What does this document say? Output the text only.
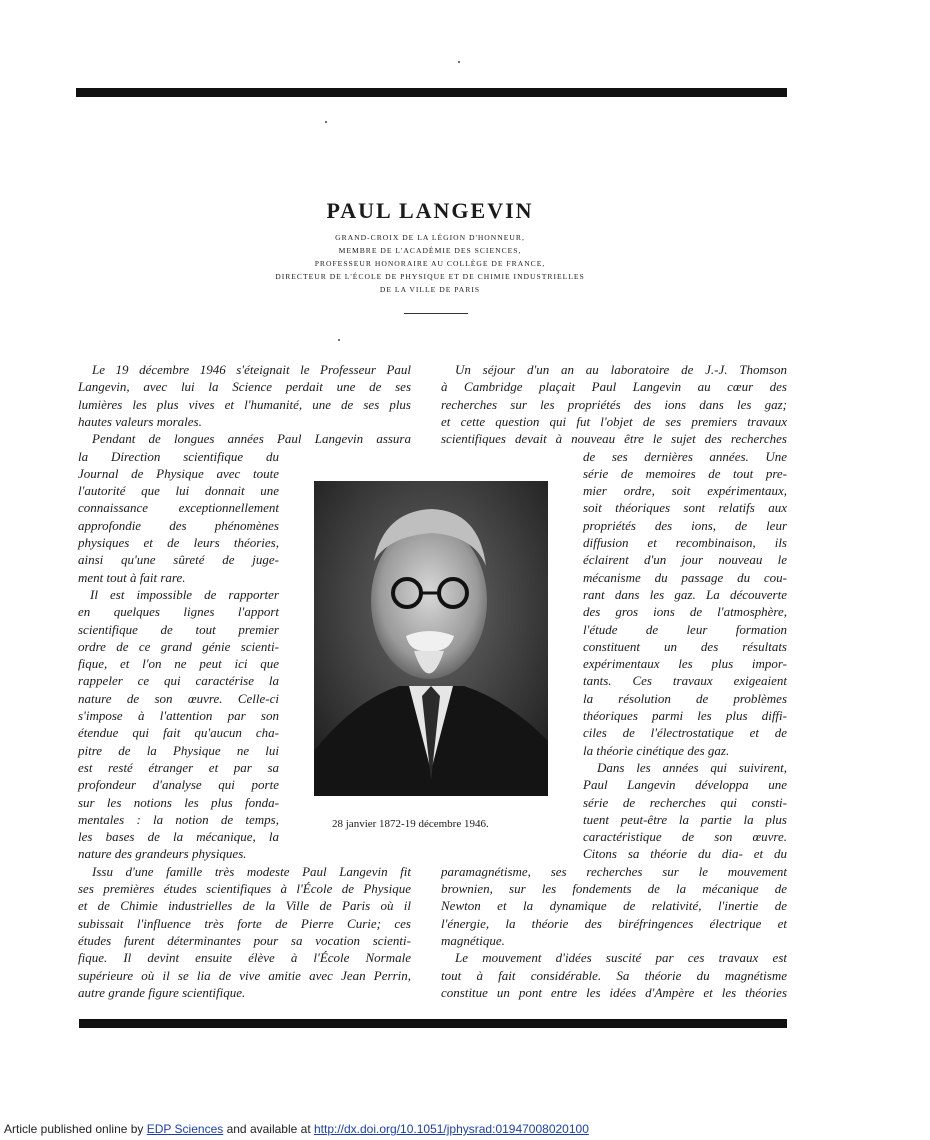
PAUL LANGEVIN
GRAND-CROIX DE LA LÉGION D'HONNEUR,
MEMBRE DE L'ACADÉMIE DES SCIENCES,
PROFESSEUR HONORAIRE AU COLLÈGE DE FRANCE,
DIRECTEUR DE L'ÉCOLE DE PHYSIQUE ET DE CHIMIE INDUSTRIELLES
DE LA VILLE DE PARIS
28 janvier 1872-19 décembre 1946.
Le 19 décembre 1946 s'éteignait le Professeur Paul
Langevin, avec lui la Science perdait une de ses
lumières les plus vives et l'humanité, une de ses plus
hautes valeurs morales.
Pendant de longues années Paul Langevin assura
la Direction scientifique du
Journal de Physique avec toute
l'autorité que lui donnait une
connaissance exceptionnellement
approfondie des phénomènes
physiques et de leurs théories,
ainsi qu'une sûreté de juge-
ment tout à fait rare.
Il est impossible de rapporter
en quelques lignes l'apport
scientifique de tout premier
ordre de ce grand génie scienti-
fique, et l'on ne peut ici que
rappeler ce qui caractérise la
nature de son œuvre. Celle-ci
s'impose à l'attention par son
étendue qui fait qu'aucun cha-
pitre de la Physique ne lui
est resté étranger et par sa
profondeur d'analyse qui porte
sur les notions les plus fonda-
mentales : la notion de temps,
les bases de la mécanique, la
nature des grandeurs physiques.
Issu d'une famille très modeste Paul Langevin fit
ses premières études scientifiques à l'École de Physique
et de Chimie industrielles de la Ville de Paris où il
subissait l'influence très forte de Pierre Curie; ces
études furent déterminantes pour sa vocation scienti-
fique. Il devint ensuite élève à l'École Normale
supérieure où il se lia de vive amitie avec Jean Perrin,
autre grande figure scientifique.
Un séjour d'un an au laboratoire de J.-J. Thomson
à Cambridge plaçait Paul Langevin au cœur des
recherches sur les propriétés des ions dans les gaz;
et cette question qui fut l'objet de ses premiers travaux
scientifiques devait à nouveau être le sujet des recherches
de ses dernières années. Une
série de memoires de tout pre-
mier ordre, soit expérimentaux,
soit théoriques sont relatifs aux
propriétés des ions, de leur
diffusion et recombinaison, ils
éclairent d'un jour nouveau le
mécanisme du passage du cou-
rant dans les gaz. La découverte
des gros ions de l'atmosphère,
l'étude de leur formation
constituent un des résultats
expérimentaux les plus impor-
tants. Ces travaux exigeaient
la résolution de problèmes
théoriques parmi les plus diffi-
ciles de l'électrostatique et de
la théorie cinétique des gaz.
Dans les années qui suivirent,
Paul Langevin développa une
série de recherches qui consti-
tuent peut-être la partie la plus
caractéristique de son œuvre.
Citons sa théorie du dia- et du
paramagnétisme, ses recherches sur le mouvement
brownien, sur les fondements de la mécanique de
Newton et la dynamique de relativité, l'inertie de
l'énergie, la théorie des biréfringences électrique et
magnétique.
Le mouvement d'idées suscité par ces travaux est
tout à fait considérable. Sa théorie du magnétisme
constitue un pont entre les idées d'Ampère et les théories
Article published online by EDP Sciences and available at http://dx.doi.org/10.1051/jphysrad:01947008020100
